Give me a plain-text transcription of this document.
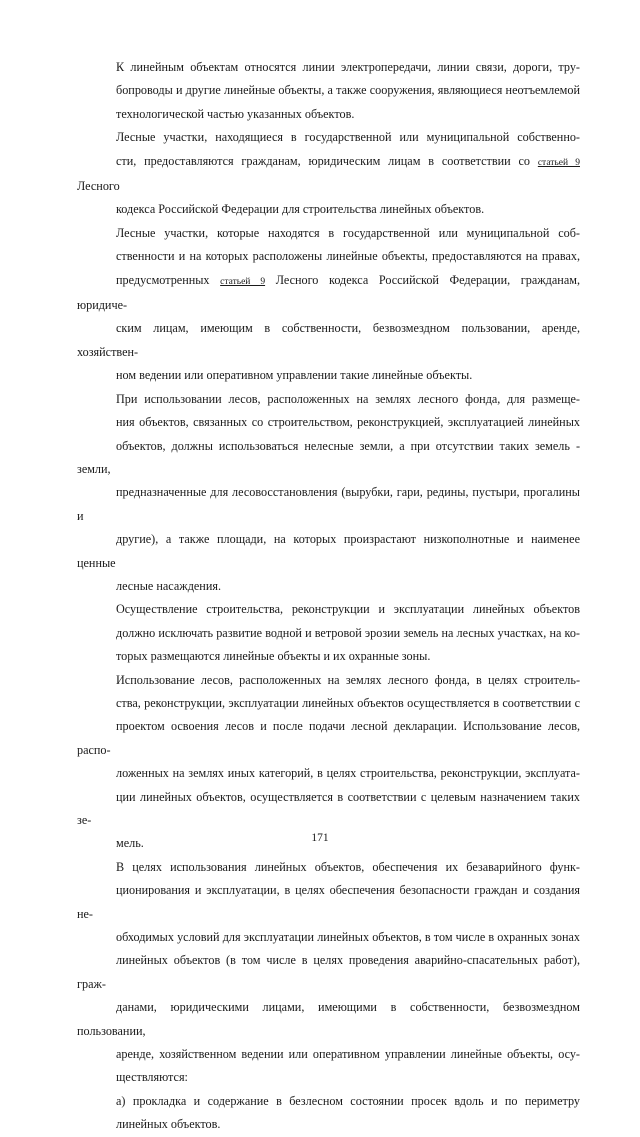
К линейным объектам относятся линии электропередачи, линии связи, дороги, тру-
бопроводы и другие линейные объекты, а также сооружения, являющиеся неотъемлемой
технологической частью указанных объектов.

Лесные участки, находящиеся в государственной или муниципальной собственно-
сти, предоставляются гражданам, юридическим лицам в соответствии со статьей 9 Лесного
кодекса Российской Федерации для строительства линейных объектов.

Лесные участки, которые находятся в государственной или муниципальной соб-
ственности и на которых расположены линейные объекты, предоставляются на правах,
предусмотренных статьей 9 Лесного кодекса Российской Федерации, гражданам, юридиче-
ским лицам, имеющим в собственности, безвозмездном пользовании, аренде, хозяйствен-
ном ведении или оперативном управлении такие линейные объекты.

При использовании лесов, расположенных на землях лесного фонда, для размеще-
ния объектов, связанных со строительством, реконструкцией, эксплуатацией линейных
объектов, должны использоваться нелесные земли, а при отсутствии таких земель - земли,
предназначенные для лесовосстановления (вырубки, гари, редины, пустыри, прогалины и
другие), а также площади, на которых произрастают низкополнотные и наименее ценные
лесные насаждения.

Осуществление строительства, реконструкции и эксплуатации линейных объектов
должно исключать развитие водной и ветровой эрозии земель на лесных участках, на ко-
торых размещаются линейные объекты и их охранные зоны.

Использование лесов, расположенных на землях лесного фонда, в целях строитель-
ства, реконструкции, эксплуатации линейных объектов осуществляется в соответствии с
проектом освоения лесов и после подачи лесной декларации. Использование лесов, распо-
ложенных на землях иных категорий, в целях строительства, реконструкции, эксплуата-
ции линейных объектов, осуществляется в соответствии с целевым назначением таких зе-
мель.

В целях использования линейных объектов, обеспечения их безаварийного функ-
ционирования и эксплуатации, в целях обеспечения безопасности граждан и создания не-
обходимых условий для эксплуатации линейных объектов, в том числе в охранных зонах
линейных объектов (в том числе в целях проведения аварийно-спасательных работ), граж-
данами, юридическими лицами, имеющими в собственности, безвозмездном пользовании,
аренде, хозяйственном ведении или оперативном управлении линейные объекты, осу-
ществляются:

а) прокладка и содержание в безлесном состоянии просек вдоль и по периметру
линейных объектов.

171
